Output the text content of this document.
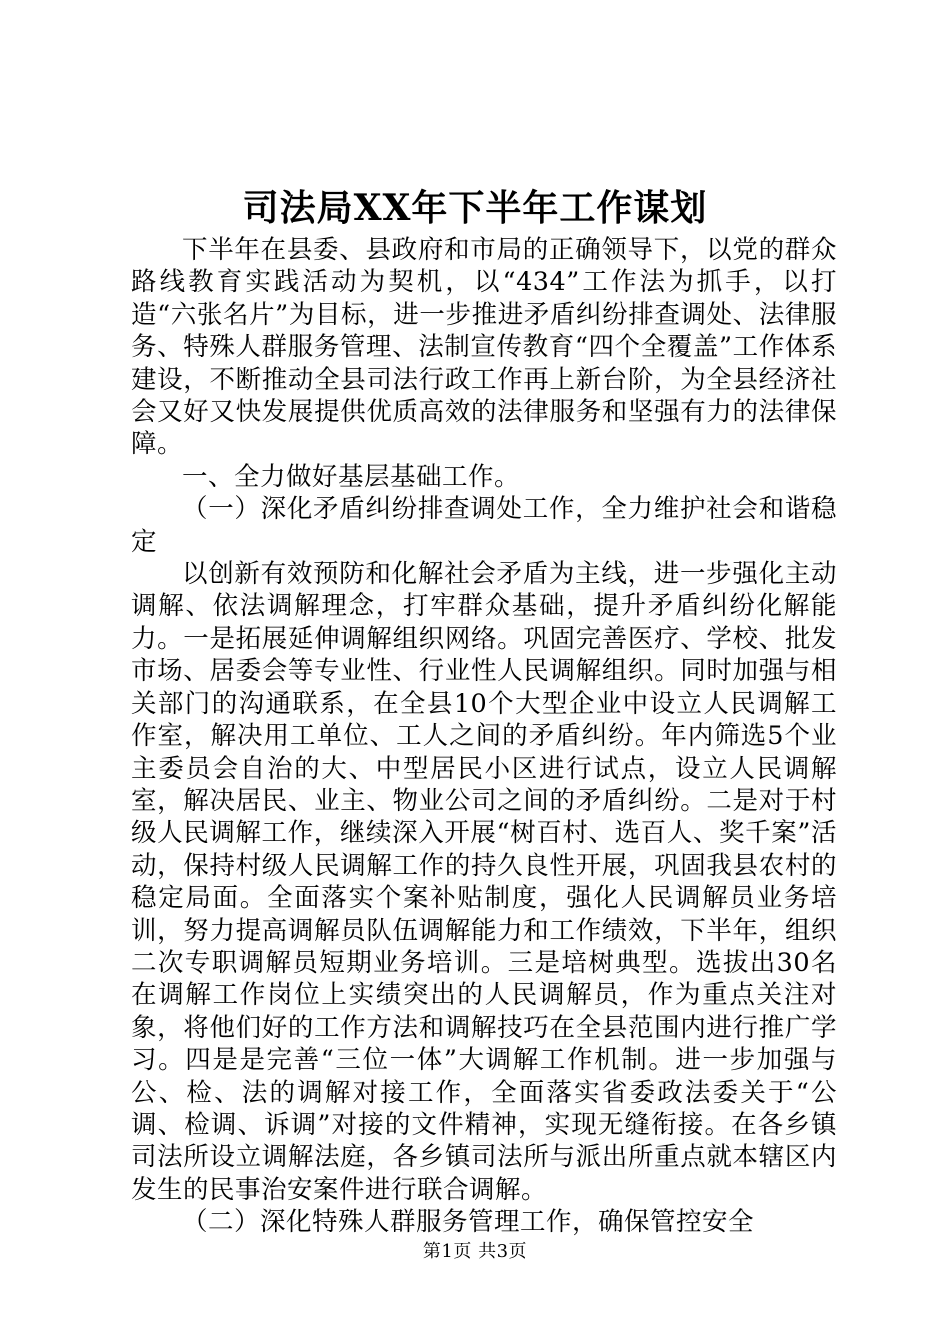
司法局XX年下半年工作谋划

下半年在县委、县政府和市局的正确领导下，以党的群众路线教育实践活动为契机，以“434”工作法为抓手，以打造“六张名片”为目标，进一步推进矛盾纠纷排查调处、法律服务、特殊人群服务管理、法制宣传教育“四个全覆盖”工作体系建设，不断推动全县司法行政工作再上新台阶，为全县经济社会又好又快发展提供优质高效的法律服务和坚强有力的法律保障。

一、全力做好基层基础工作。

（一）深化矛盾纠纷排查调处工作，全力维护社会和谐稳定

以创新有效预防和化解社会矛盾为主线，进一步强化主动调解、依法调解理念，打牢群众基础，提升矛盾纠纷化解能力。一是拓展延伸调解组织网络。巩固完善医疗、学校、批发市场、居委会等专业性、行业性人民调解组织。同时加强与相关部门的沟通联系，在全县10个大型企业中设立人民调解工作室，解决用工单位、工人之间的矛盾纠纷。年内筛选5个业主委员会自治的大、中型居民小区进行试点，设立人民调解室，解决居民、业主、物业公司之间的矛盾纠纷。二是对于村级人民调解工作，继续深入开展“树百村、选百人、奖千案”活动，保持村级人民调解工作的持久良性开展，巩固我县农村的稳定局面。全面落实个案补贴制度，强化人民调解员业务培训，努力提高调解员队伍调解能力和工作绩效，下半年，组织二次专职调解员短期业务培训。三是培树典型。选拔出30名在调解工作岗位上实绩突出的人民调解员，作为重点关注对象，将他们好的工作方法和调解技巧在全县范围内进行推广学习。四是是完善“三位一体”大调解工作机制。进一步加强与公、检、法的调解对接工作，全面落实省委政法委关于“公调、检调、诉调”对接的文件精神，实现无缝衔接。在各乡镇司法所设立调解法庭，各乡镇司法所与派出所重点就本辖区内发生的民事治安案件进行联合调解。

（二）深化特殊人群服务管理工作，确保管控安全

第1页 共3页
